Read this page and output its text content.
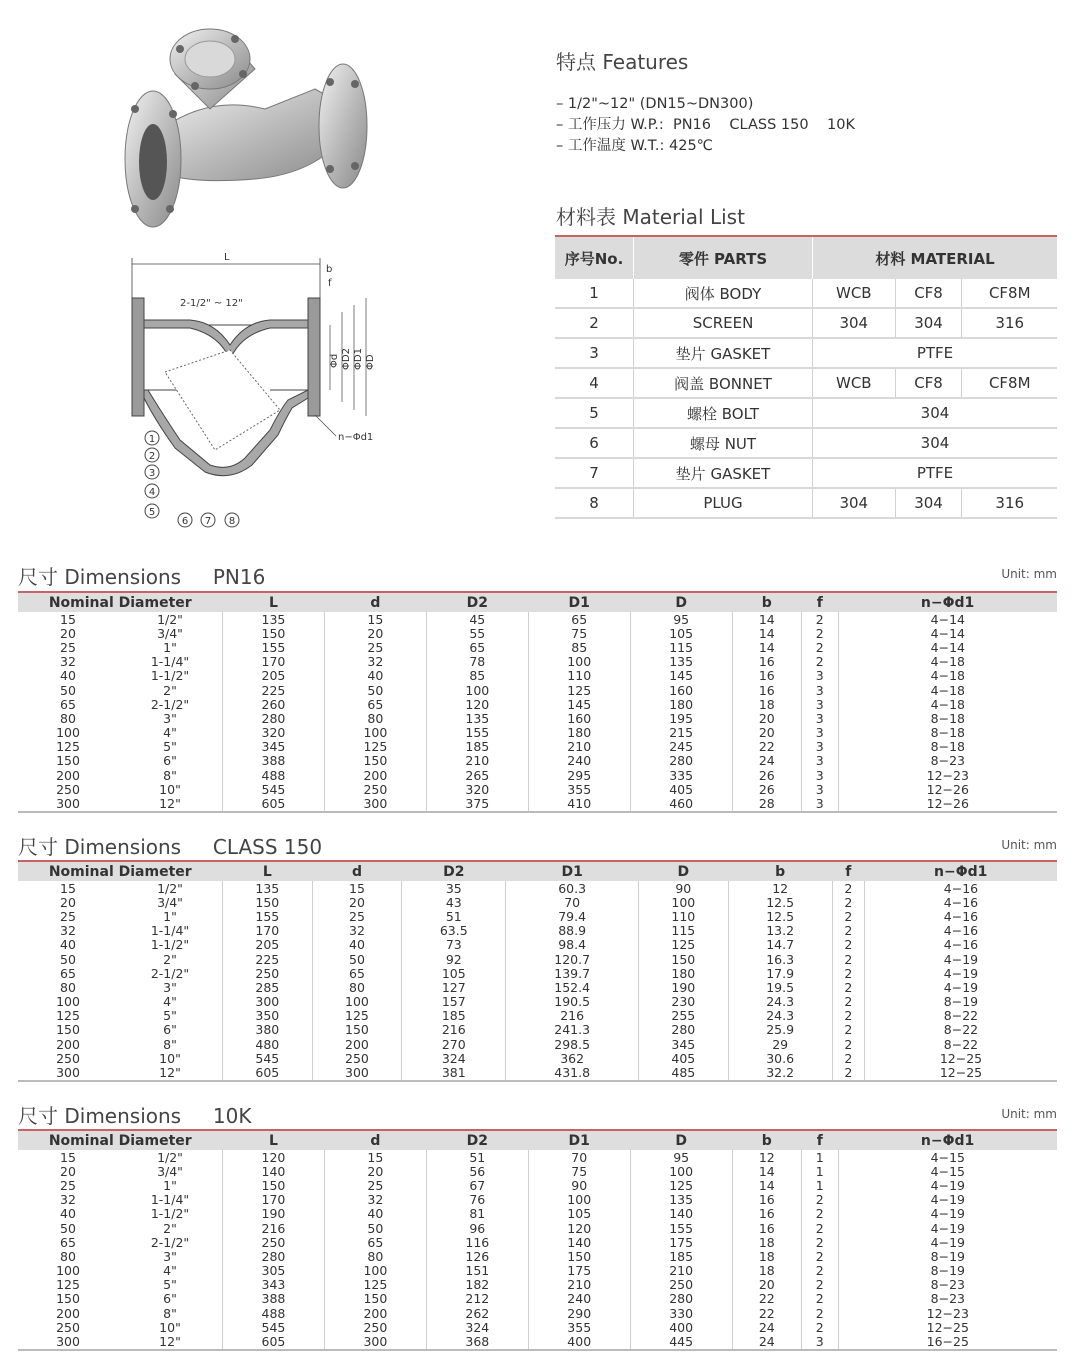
L
b
f
2-1/2" ~ 12"
Φd ΦD2 ΦD1 ΦD
n−Φd1
1
2
3
4
5
6 7 8
特点 Features
– 1/2"~12" (DN15~DN300)
– 工作压力 W.P.:  PN16    CLASS 150    10K
– 工作温度 W.T.: 425℃
材料表 Material List
序号No.	零件 PARTS	材料 MATERIAL		
1	阀体 BODY	WCB	CF8	CF8M
2	SCREEN	304	304	316
3	垫片 GASKET	PTFE		
4	阀盖 BONNET	WCB	CF8	CF8M
5	螺栓 BOLT	304		
6	螺母 NUT	304		
7	垫片 GASKET	PTFE		
8	PLUG	304	304	316
尺寸 Dimensions     PN16	Unit: mm
Nominal Diameter		L	d	D2	D1	D	b	f	n−Φd1
15	1/2"	135	15	45	65	95	14	2	4−14
20	3/4"	150	20	55	75	105	14	2	4−14
25	1"	155	25	65	85	115	14	2	4−14
32	1-1/4"	170	32	78	100	135	16	2	4−18
40	1-1/2"	205	40	85	110	145	16	3	4−18
50	2"	225	50	100	125	160	16	3	4−18
65	2-1/2"	260	65	120	145	180	18	3	4−18
80	3"	280	80	135	160	195	20	3	8−18
100	4"	320	100	155	180	215	20	3	8−18
125	5"	345	125	185	210	245	22	3	8−18
150	6"	388	150	210	240	280	24	3	8−23
200	8"	488	200	265	295	335	26	3	12−23
250	10"	545	250	320	355	405	26	3	12−26
300	12"	605	300	375	410	460	28	3	12−26
尺寸 Dimensions     CLASS 150	Unit: mm
Nominal Diameter		L	d	D2	D1	D	b	f	n−Φd1
15	1/2"	135	15	35	60.3	90	12	2	4−16
20	3/4"	150	20	43	70	100	12.5	2	4−16
25	1"	155	25	51	79.4	110	12.5	2	4−16
32	1-1/4"	170	32	63.5	88.9	115	13.2	2	4−16
40	1-1/2"	205	40	73	98.4	125	14.7	2	4−16
50	2"	225	50	92	120.7	150	16.3	2	4−19
65	2-1/2"	250	65	105	139.7	180	17.9	2	4−19
80	3"	285	80	127	152.4	190	19.5	2	4−19
100	4"	300	100	157	190.5	230	24.3	2	8−19
125	5"	350	125	185	216	255	24.3	2	8−22
150	6"	380	150	216	241.3	280	25.9	2	8−22
200	8"	480	200	270	298.5	345	29	2	8−22
250	10"	545	250	324	362	405	30.6	2	12−25
300	12"	605	300	381	431.8	485	32.2	2	12−25
尺寸 Dimensions     10K	Unit: mm
Nominal Diameter		L	d	D2	D1	D	b	f	n−Φd1
15	1/2"	120	15	51	70	95	12	1	4−15
20	3/4"	140	20	56	75	100	14	1	4−15
25	1"	150	25	67	90	125	14	1	4−19
32	1-1/4"	170	32	76	100	135	16	2	4−19
40	1-1/2"	190	40	81	105	140	16	2	4−19
50	2"	216	50	96	120	155	16	2	4−19
65	2-1/2"	250	65	116	140	175	18	2	4−19
80	3"	280	80	126	150	185	18	2	8−19
100	4"	305	100	151	175	210	18	2	8−19
125	5"	343	125	182	210	250	20	2	8−23
150	6"	388	150	212	240	280	22	2	8−23
200	8"	488	200	262	290	330	22	2	12−23
250	10"	545	250	324	355	400	24	2	12−25
300	12"	605	300	368	400	445	24	3	16−25
